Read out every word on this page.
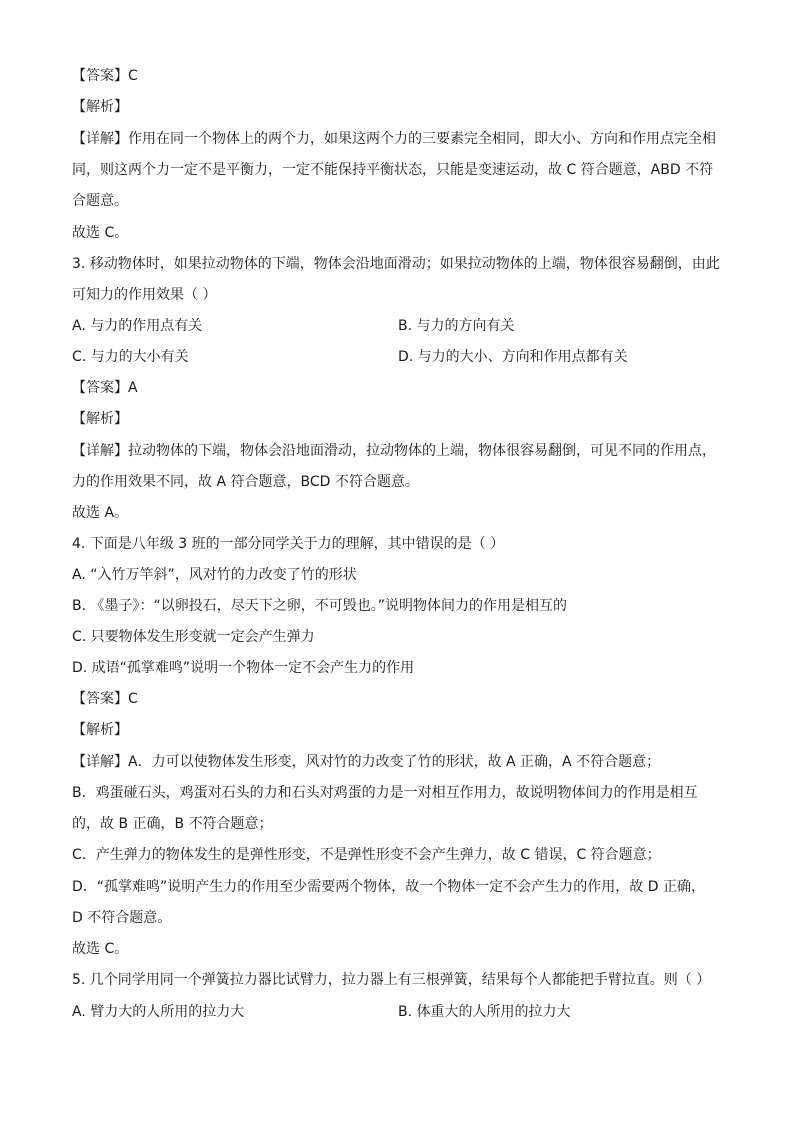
【答案】C
【解析】
【详解】作用在同一个物体上的两个力，如果这两个力的三要素完全相同，即大小、方向和作用点完全相
同，则这两个力一定不是平衡力，一定不能保持平衡状态，只能是变速运动，故 C 符合题意，ABD 不符
合题意。
故选 C。
3. 移动物体时，如果拉动物体的下端，物体会沿地面滑动；如果拉动物体的上端，物体很容易翻倒，由此
可知力的作用效果（ ）
A. 与力的作用点有关	B. 与力的方向有关
C. 与力的大小有关	D. 与力的大小、方向和作用点都有关
【答案】A
【解析】
【详解】拉动物体的下端，物体会沿地面滑动，拉动物体的上端，物体很容易翻倒，可见不同的作用点，
力的作用效果不同，故 A 符合题意，BCD 不符合题意。
故选 A。
4. 下面是八年级 3 班的一部分同学关于力的理解，其中错误的是（ ）
A. “入竹万竿斜”，风对竹的力改变了竹的形状
B. 《墨子》：“以卵投石，尽天下之卵，不可毁也。”说明物体间力的作用是相互的
C. 只要物体发生形变就一定会产生弹力
D. 成语“孤掌难鸣”说明一个物体一定不会产生力的作用
【答案】C
【解析】
【详解】A．力可以使物体发生形变，风对竹的力改变了竹的形状，故 A 正确，A 不符合题意；
B．鸡蛋碰石头，鸡蛋对石头的力和石头对鸡蛋的力是一对相互作用力，故说明物体间力的作用是相互
的，故 B 正确，B 不符合题意；
C．产生弹力的物体发生的是弹性形变，不是弹性形变不会产生弹力，故 C 错误，C 符合题意；
D．“孤掌难鸣”说明产生力的作用至少需要两个物体，故一个物体一定不会产生力的作用，故 D 正确，
D 不符合题意。
故选 C。
5. 几个同学用同一个弹簧拉力器比试臂力，拉力器上有三根弹簧，结果每个人都能把手臂拉直。则（ ）
A. 臂力大的人所用的拉力大	B. 体重大的人所用的拉力大
